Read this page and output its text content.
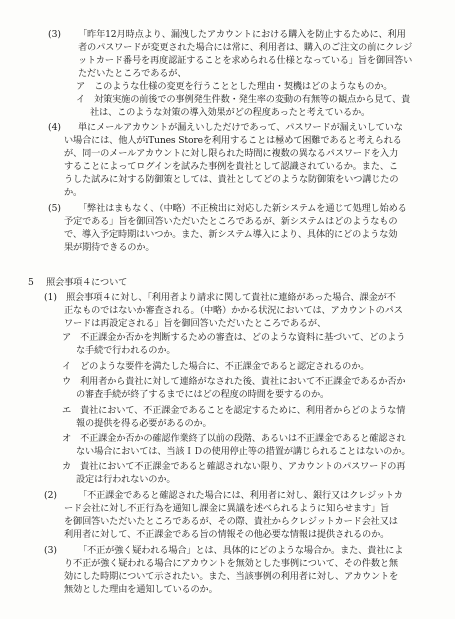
(3) 「昨年12月時点より、漏洩したアカウントにおける購入を防止するために、利用
者のパスワードが変更された場合には常に、利用者は、購入のご注文の前にクレジ
ットカード番号を再度認証することを求められる仕様となっている」旨を御回答い
ただいたところであるが、
ア　このような仕様の変更を行うこととした理由・契機はどのようなものか。
イ　対策実施の前後での事例発生件数・発生率の変動の有無等の観点から見て、貴
社は、このような対策の導入効果がどの程度あったと考えているか。
(4) 単にメールアカウントが漏えいしただけであって、パスワードが漏えいしていな
い場合には、他人がiTunes Storeを利用することは極めて困難であると考えられる
が、同一のメールアカウントに対し限られた時間に複数の異なるパスワードを入力
することによってログインを試みた事例を貴社として認識されているか。また、こ
うした試みに対する防御策としては、貴社としてどのような防御策をいつ講じたの
か。
(5) 「弊社はまもなく、（中略）不正検出に対応した新システムを通じて処理し始める
予定である」旨を御回答いただいたところであるが、新システムはどのようなもの
で、導入予定時期はいつか。また、新システム導入により、具体的にどのような効
果が期待できるのか。
5 照会事項４について
(1) 照会事項４に対し、「利用者より請求に関して貴社に連絡があった場合、課金が不
正なものではないか審査される。（中略）かかる状況においては、アカウントのパス
ワードは再設定される」旨を御回答いただいたところであるが、
ア　不正課金か否かを判断するための審査は、どのような資料に基づいて、どのよう
な手続で行われるのか。
イ　どのような要件を満たした場合に、不正課金であると認定されるのか。
ウ　利用者から貴社に対して連絡がなされた後、貴社において不正課金であるか否か
の審査手続が終了するまでにはどの程度の時間を要するのか。
エ　貴社において、不正課金であることを認定するために、利用者からどのような情
報の提供を得る必要があるのか。
オ　不正課金か否かの確認作業終了以前の段階、あるいは不正課金であると確認され
ない場合においては、当該ＩＤの使用停止等の措置が講じられることはないのか。
カ　貴社において不正課金であると確認されない限り、アカウントのパスワードの再
設定は行われないのか。
(2) 「不正課金であると確認された場合には、利用者に対し、銀行又はクレジットカ
ード会社に対し不正行為を通知し課金に異議を述べられるように知らせます」旨
を御回答いただいたところであるが、その際、貴社からクレジットカード会社又は
利用者に対して、不正課金である旨の情報その他必要な情報は提供されるのか。
(3) 「不正が強く疑われる場合」とは、具体的にどのような場合か。また、貴社によ
り不正が強く疑われる場合にアカウントを無効とした事例について、その件数と無
効にした時期について示されたい。また、当該事例の利用者に対し、アカウントを
無効とした理由を通知しているのか。
